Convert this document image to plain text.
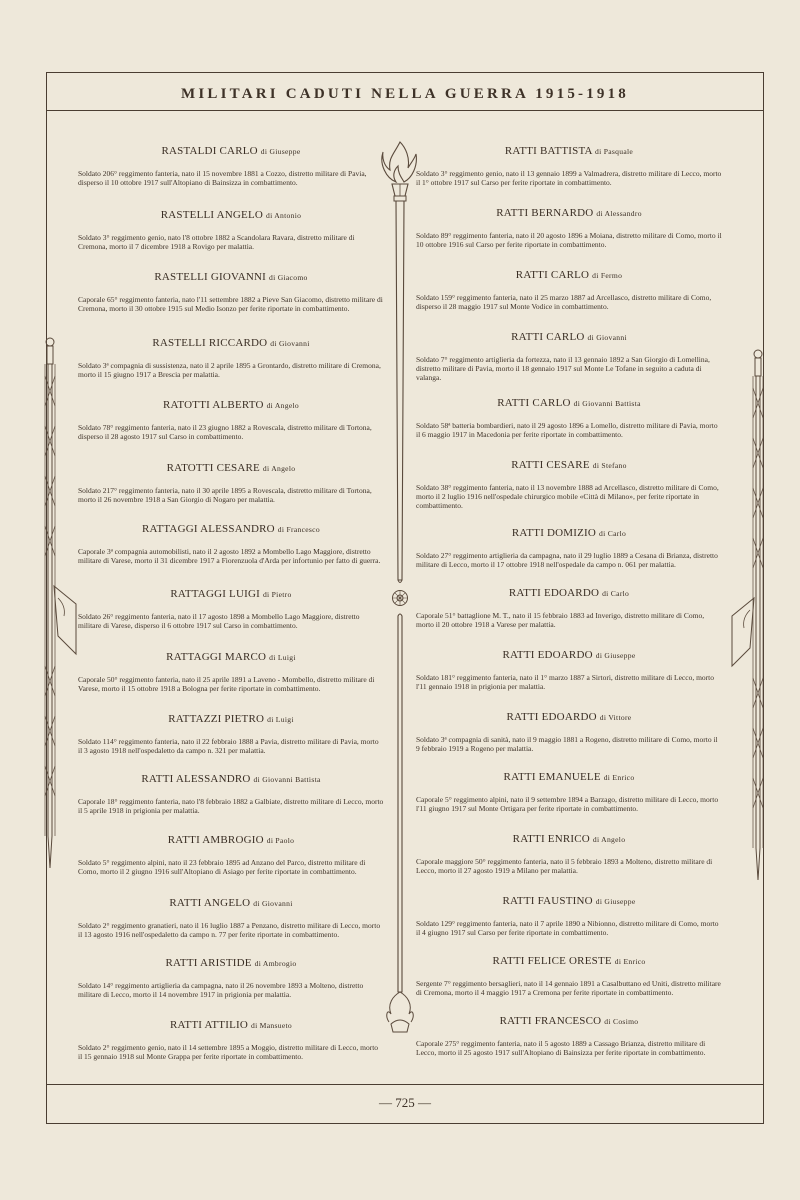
MILITARI CADUTI NELLA GUERRA 1915-1918
— 725 —
RASTALDI CARLO di Giuseppe
Soldato 206° reggimento fanteria, nato il 15 novembre 1881 a Cozzo, distretto militare di Pavia, disperso il 10 ottobre 1917 sull'Altopiano di Bainsizza in combattimento.
RASTELLI ANGELO di Antonio
Soldato 3° reggimento genio, nato l'8 ottobre 1882 a Scandolara Ravara, distretto militare di Cremona, morto il 7 dicembre 1918 a Rovigo per malattia.
RASTELLI GIOVANNI di Giacomo
Caporale 65° reggimento fanteria, nato l'11 settembre 1882 a Pieve San Giacomo, distretto militare di Cremona, morto il 30 ottobre 1915 sul Medio Isonzo per ferite riportate in combattimento.
RASTELLI RICCARDO di Giovanni
Soldato 3ª compagnia di sussistenza, nato il 2 aprile 1895 a Grontardo, distretto militare di Cremona, morto il 15 giugno 1917 a Brescia per malattia.
RATOTTI ALBERTO di Angelo
Soldato 78° reggimento fanteria, nato il 23 giugno 1882 a Rovescala, distretto militare di Tortona, disperso il 28 agosto 1917 sul Carso in combattimento.
RATOTTI CESARE di Angelo
Soldato 217° reggimento fanteria, nato il 30 aprile 1895 a Rovescala, distretto militare di Tortona, morto il 26 novembre 1918 a San Giorgio di Nogaro per malattia.
RATTAGGI ALESSANDRO di Francesco
Caporale 3ª compagnia automobilisti, nato il 2 agosto 1892 a Mombello Lago Maggiore, distretto militare di Varese, morto il 31 dicembre 1917 a Fiorenzuola d'Arda per infortunio per fatto di guerra.
RATTAGGI LUIGI di Pietro
Soldato 26° reggimento fanteria, nato il 17 agosto 1898 a Mombello Lago Maggiore, distretto militare di Varese, disperso il 6 ottobre 1917 sul Carso in combattimento.
RATTAGGI MARCO di Luigi
Caporale 50° reggimento fanteria, nato il 25 aprile 1891 a Laveno - Mombello, distretto militare di Varese, morto il 15 ottobre 1918 a Bologna per ferite riportate in combattimento.
RATTAZZI PIETRO di Luigi
Soldato 114° reggimento fanteria, nato il 22 febbraio 1888 a Pavia, distretto militare di Pavia, morto il 3 agosto 1918 nell'ospedaletto da campo n. 321 per malattia.
RATTI ALESSANDRO di Giovanni Battista
Caporale 18° reggimento fanteria, nato l'8 febbraio 1882 a Galbiate, distretto militare di Lecco, morto il 5 aprile 1918 in prigionia per malattia.
RATTI AMBROGIO di Paolo
Soldato 5° reggimento alpini, nato il 23 febbraio 1895 ad Anzano del Parco, distretto militare di Como, morto il 2 giugno 1916 sull'Altopiano di Asiago per ferite riportate in combattimento.
RATTI ANGELO di Giovanni
Soldato 2° reggimento granatieri, nato il 16 luglio 1887 a Penzano, distretto militare di Lecco, morto il 13 agosto 1916 nell'ospedaletto da campo n. 77 per ferite riportate in combattimento.
RATTI ARISTIDE di Ambrogio
Soldato 14° reggimento artiglieria da campagna, nato il 26 novembre 1893 a Molteno, distretto militare di Lecco, morto il 14 novembre 1917 in prigionia per malattia.
RATTI ATTILIO di Mansueto
Soldato 2° reggimento genio, nato il 14 settembre 1895 a Moggio, distretto militare di Lecco, morto il 15 gennaio 1918 sul Monte Grappa per ferite riportate in combattimento.
RATTI BATTISTA di Pasquale
Soldato 3° reggimento genio, nato il 13 gennaio 1899 a Valmadrera, distretto militare di Lecco, morto il 1° ottobre 1917 sul Carso per ferite riportate in combattimento.
RATTI BERNARDO di Alessandro
Soldato 89° reggimento fanteria, nato il 20 agosto 1896 a Moiana, distretto militare di Como, morto il 10 ottobre 1916 sul Carso per ferite riportate in combattimento.
RATTI CARLO di Fermo
Soldato 159° reggimento fanteria, nato il 25 marzo 1887 ad Arcellasco, distretto militare di Como, disperso il 28 maggio 1917 sul Monte Vodice in combattimento.
RATTI CARLO di Giovanni
Soldato 7° reggimento artiglieria da fortezza, nato il 13 gennaio 1892 a San Giorgio di Lomellina, distretto militare di Pavia, morto il 18 gennaio 1917 sul Monte Le Tofane in seguito a caduta di valanga.
RATTI CARLO di Giovanni Battista
Soldato 58ª batteria bombardieri, nato il 29 agosto 1896 a Lomello, distretto militare di Pavia, morto il 6 maggio 1917 in Macedonia per ferite riportate in combattimento.
RATTI CESARE di Stefano
Soldato 38° reggimento fanteria, nato il 13 novembre 1888 ad Arcellasco, distretto militare di Como, morto il 2 luglio 1916 nell'ospedale chirurgico mobile «Città di Milano», per ferite riportate in combattimento.
RATTI DOMIZIO di Carlo
Soldato 27° reggimento artiglieria da campagna, nato il 29 luglio 1889 a Cesana di Brianza, distretto militare di Lecco, morto il 17 ottobre 1918 nell'ospedale da campo n. 061 per malattia.
RATTI EDOARDO di Carlo
Caporale 51° battaglione M. T., nato il 15 febbraio 1883 ad Inverigo, distretto militare di Como, morto il 20 ottobre 1918 a Varese per malattia.
RATTI EDOARDO di Giuseppe
Soldato 181° reggimento fanteria, nato il 1° marzo 1887 a Sirtori, distretto militare di Lecco, morto l'11 gennaio 1918 in prigionia per malattia.
RATTI EDOARDO di Vittore
Soldato 3ª compagnia di sanità, nato il 9 maggio 1881 a Rogeno, distretto militare di Como, morto il 9 febbraio 1919 a Rogeno per malattia.
RATTI EMANUELE di Enrico
Caporale 5° reggimento alpini, nato il 9 settembre 1894 a Barzago, distretto militare di Lecco, morto l'11 giugno 1917 sul Monte Ortigara per ferite riportate in combattimento.
RATTI ENRICO di Angelo
Caporale maggiore 50° reggimento fanteria, nato il 5 febbraio 1893 a Molteno, distretto militare di Lecco, morto il 27 agosto 1919 a Milano per malattia.
RATTI FAUSTINO di Giuseppe
Soldato 129° reggimento fanteria, nato il 7 aprile 1890 a Nibionno, distretto militare di Como, morto il 4 giugno 1917 sul Carso per ferite riportate in combattimento.
RATTI FELICE ORESTE di Enrico
Sergente 7° reggimento bersaglieri, nato il 14 gennaio 1891 a Casalbuttano ed Uniti, distretto militare di Cremona, morto il 4 maggio 1917 a Cremona per ferite riportate in combattimento.
RATTI FRANCESCO di Cosimo
Caporale 275° reggimento fanteria, nato il 5 agosto 1889 a Cassago Brianza, distretto militare di Lecco, morto il 25 agosto 1917 sull'Altopiano di Bainsizza per ferite riportate in combattimento.
